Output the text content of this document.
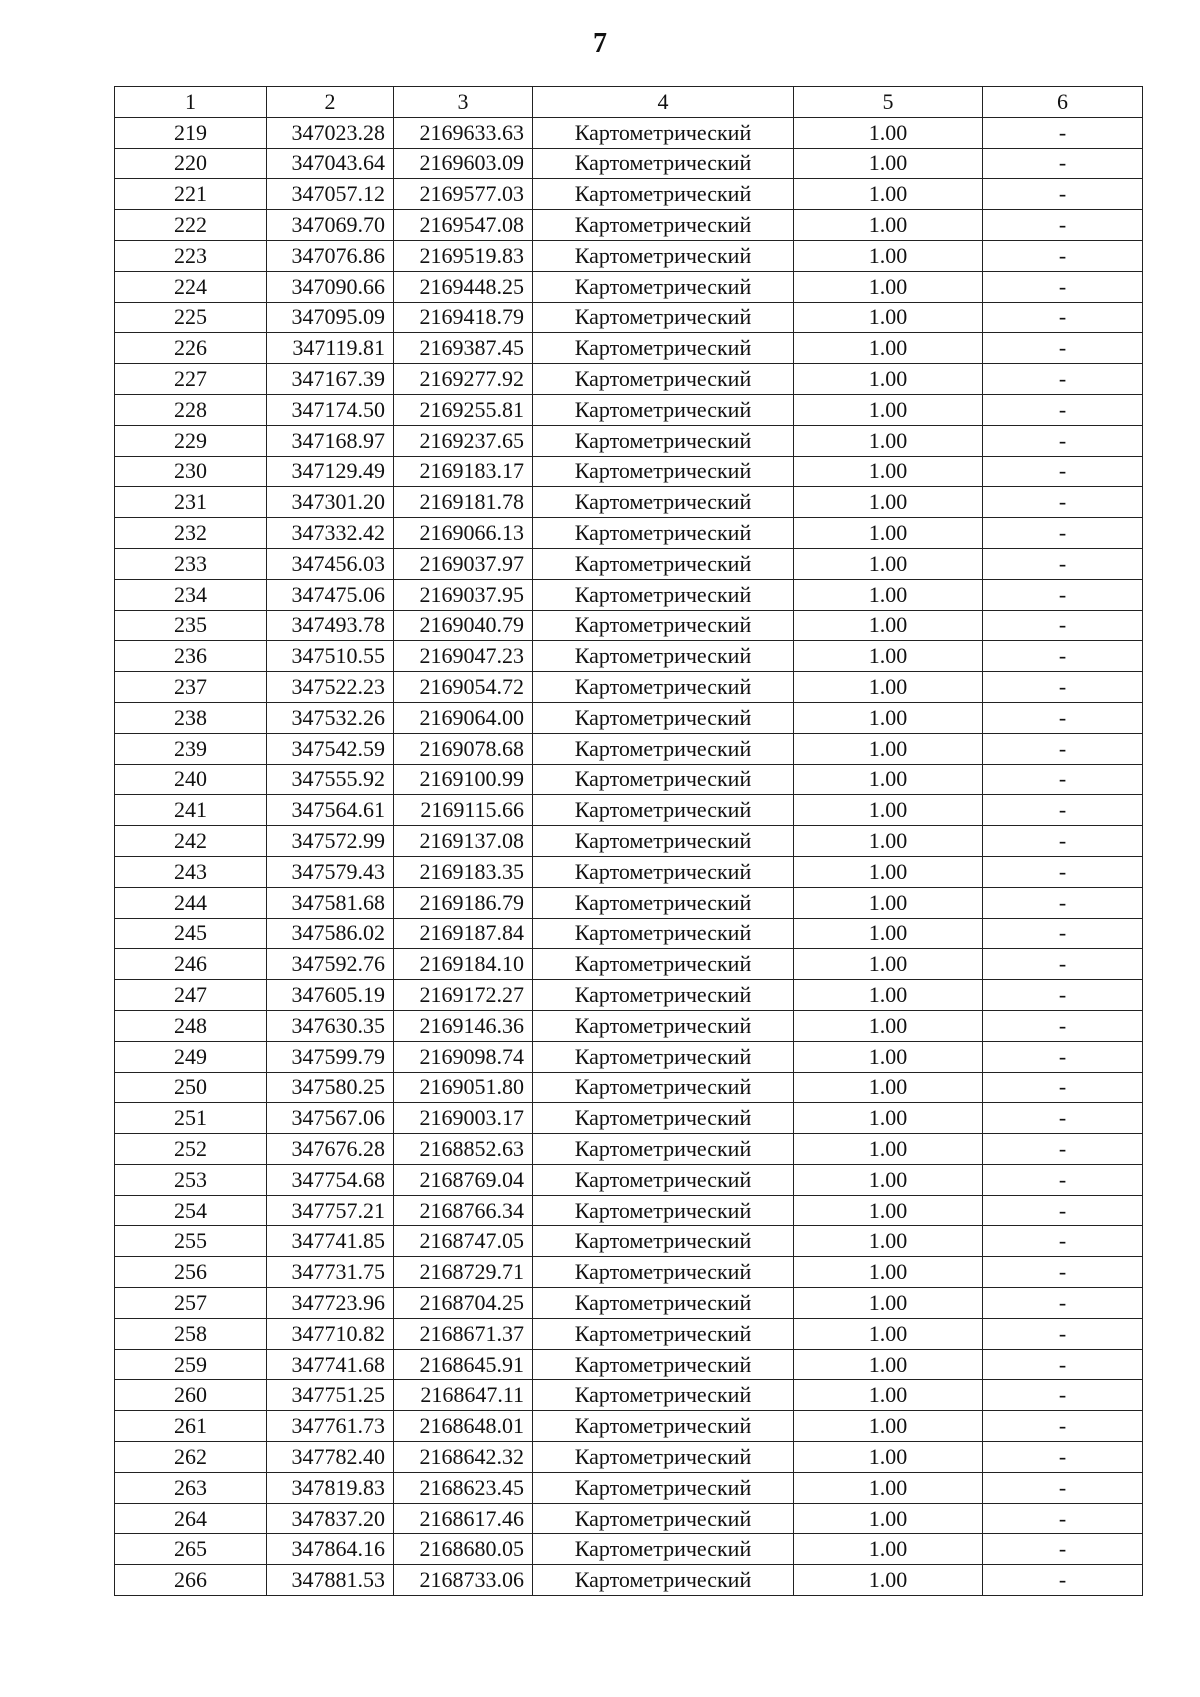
7
1	2	3	4	5	6
219	347023.28	2169633.63	Картометрический	1.00	-
220	347043.64	2169603.09	Картометрический	1.00	-
221	347057.12	2169577.03	Картометрический	1.00	-
222	347069.70	2169547.08	Картометрический	1.00	-
223	347076.86	2169519.83	Картометрический	1.00	-
224	347090.66	2169448.25	Картометрический	1.00	-
225	347095.09	2169418.79	Картометрический	1.00	-
226	347119.81	2169387.45	Картометрический	1.00	-
227	347167.39	2169277.92	Картометрический	1.00	-
228	347174.50	2169255.81	Картометрический	1.00	-
229	347168.97	2169237.65	Картометрический	1.00	-
230	347129.49	2169183.17	Картометрический	1.00	-
231	347301.20	2169181.78	Картометрический	1.00	-
232	347332.42	2169066.13	Картометрический	1.00	-
233	347456.03	2169037.97	Картометрический	1.00	-
234	347475.06	2169037.95	Картометрический	1.00	-
235	347493.78	2169040.79	Картометрический	1.00	-
236	347510.55	2169047.23	Картометрический	1.00	-
237	347522.23	2169054.72	Картометрический	1.00	-
238	347532.26	2169064.00	Картометрический	1.00	-
239	347542.59	2169078.68	Картометрический	1.00	-
240	347555.92	2169100.99	Картометрический	1.00	-
241	347564.61	2169115.66	Картометрический	1.00	-
242	347572.99	2169137.08	Картометрический	1.00	-
243	347579.43	2169183.35	Картометрический	1.00	-
244	347581.68	2169186.79	Картометрический	1.00	-
245	347586.02	2169187.84	Картометрический	1.00	-
246	347592.76	2169184.10	Картометрический	1.00	-
247	347605.19	2169172.27	Картометрический	1.00	-
248	347630.35	2169146.36	Картометрический	1.00	-
249	347599.79	2169098.74	Картометрический	1.00	-
250	347580.25	2169051.80	Картометрический	1.00	-
251	347567.06	2169003.17	Картометрический	1.00	-
252	347676.28	2168852.63	Картометрический	1.00	-
253	347754.68	2168769.04	Картометрический	1.00	-
254	347757.21	2168766.34	Картометрический	1.00	-
255	347741.85	2168747.05	Картометрический	1.00	-
256	347731.75	2168729.71	Картометрический	1.00	-
257	347723.96	2168704.25	Картометрический	1.00	-
258	347710.82	2168671.37	Картометрический	1.00	-
259	347741.68	2168645.91	Картометрический	1.00	-
260	347751.25	2168647.11	Картометрический	1.00	-
261	347761.73	2168648.01	Картометрический	1.00	-
262	347782.40	2168642.32	Картометрический	1.00	-
263	347819.83	2168623.45	Картометрический	1.00	-
264	347837.20	2168617.46	Картометрический	1.00	-
265	347864.16	2168680.05	Картометрический	1.00	-
266	347881.53	2168733.06	Картометрический	1.00	-
